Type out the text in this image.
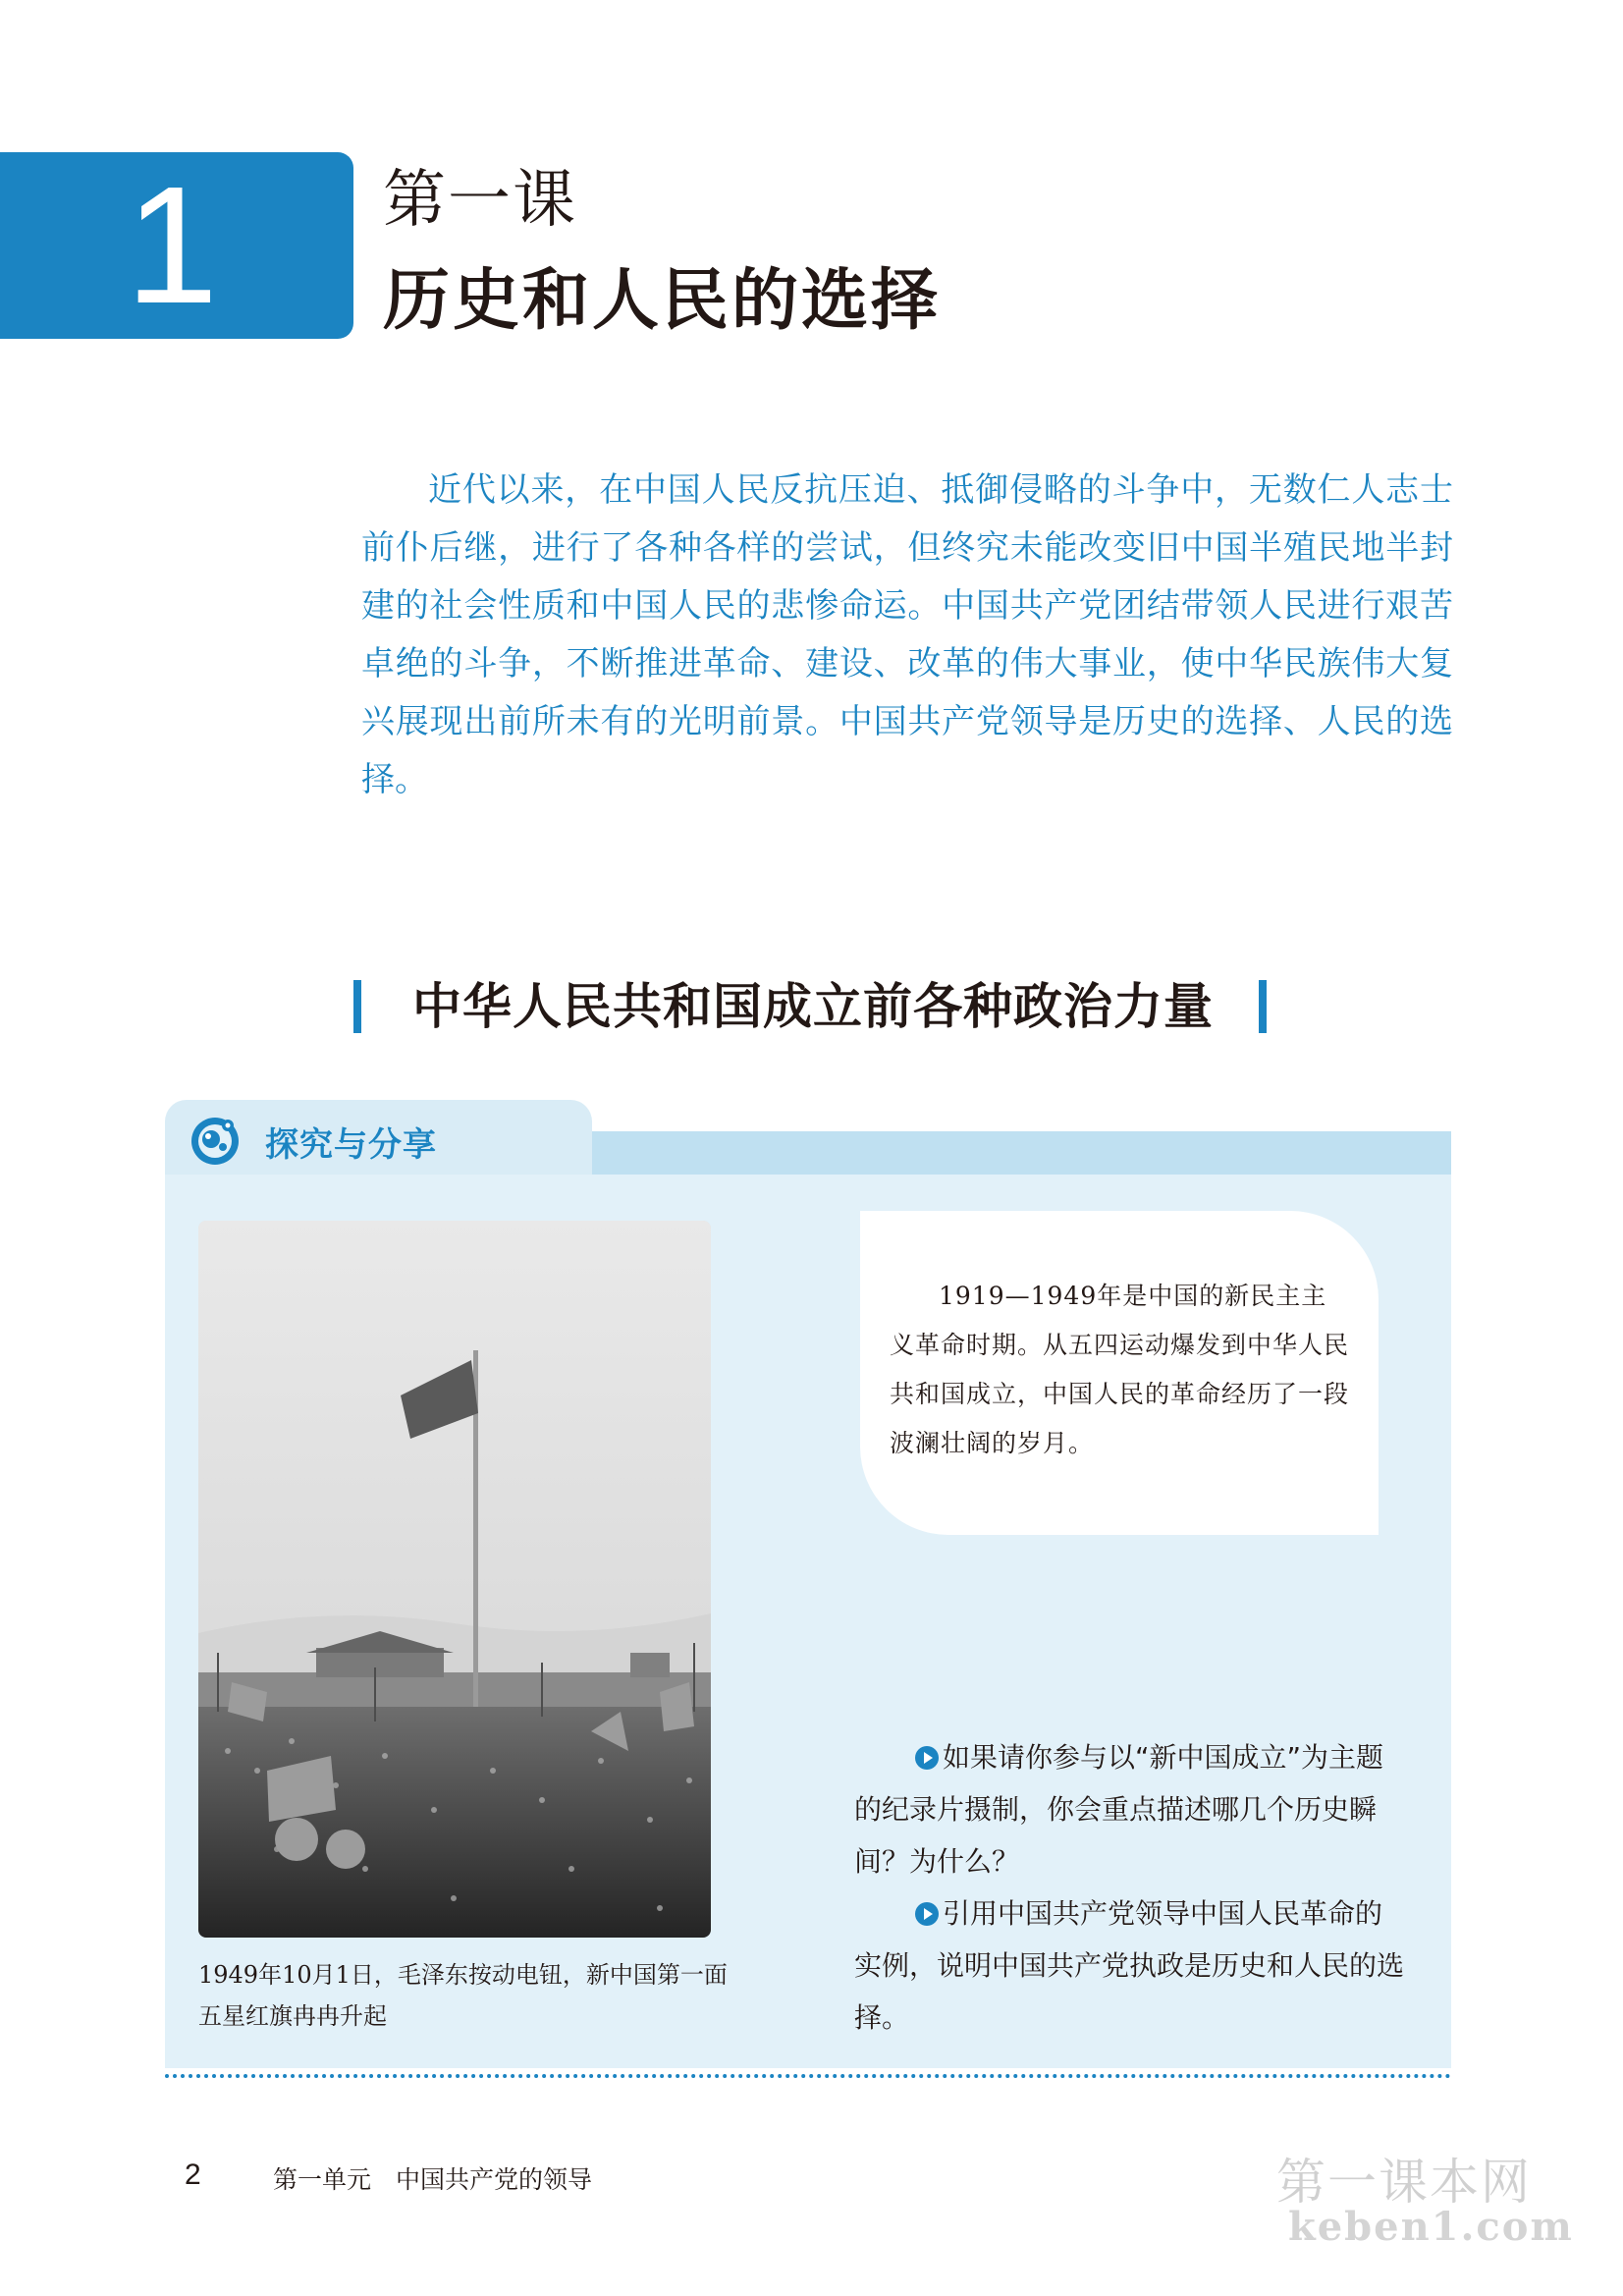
1	第一课
历史和人民的选择

近代以来，在中国人民反抗压迫、抵御侵略的斗争中，无数仁人志士前仆后继，进行了各种各样的尝试，但终究未能改变旧中国半殖民地半封建的社会性质和中国人民的悲惨命运。中国共产党团结带领人民进行艰苦卓绝的斗争，不断推进革命、建设、改革的伟大事业，使中华民族伟大复兴展现出前所未有的光明前景。中国共产党领导是历史的选择、人民的选择。

中华人民共和国成立前各种政治力量
探究与分享

1949年10月1日，毛泽东按动电钮，新中国第一面五星红旗冉冉升起

1919—1949年是中国的新民主主义革命时期。从五四运动爆发到中华人民共和国成立，中国人民的革命经历了一段波澜壮阔的岁月。

如果请你参与以“新中国成立”为主题的纪录片摄制，你会重点描述哪几个历史瞬间？为什么？

引用中国共产党领导中国人民革命的实例，说明中国共产党执政是历史和人民的选择。

2	第一单元　中国共产党的领导	第一课本网
keben1.com
